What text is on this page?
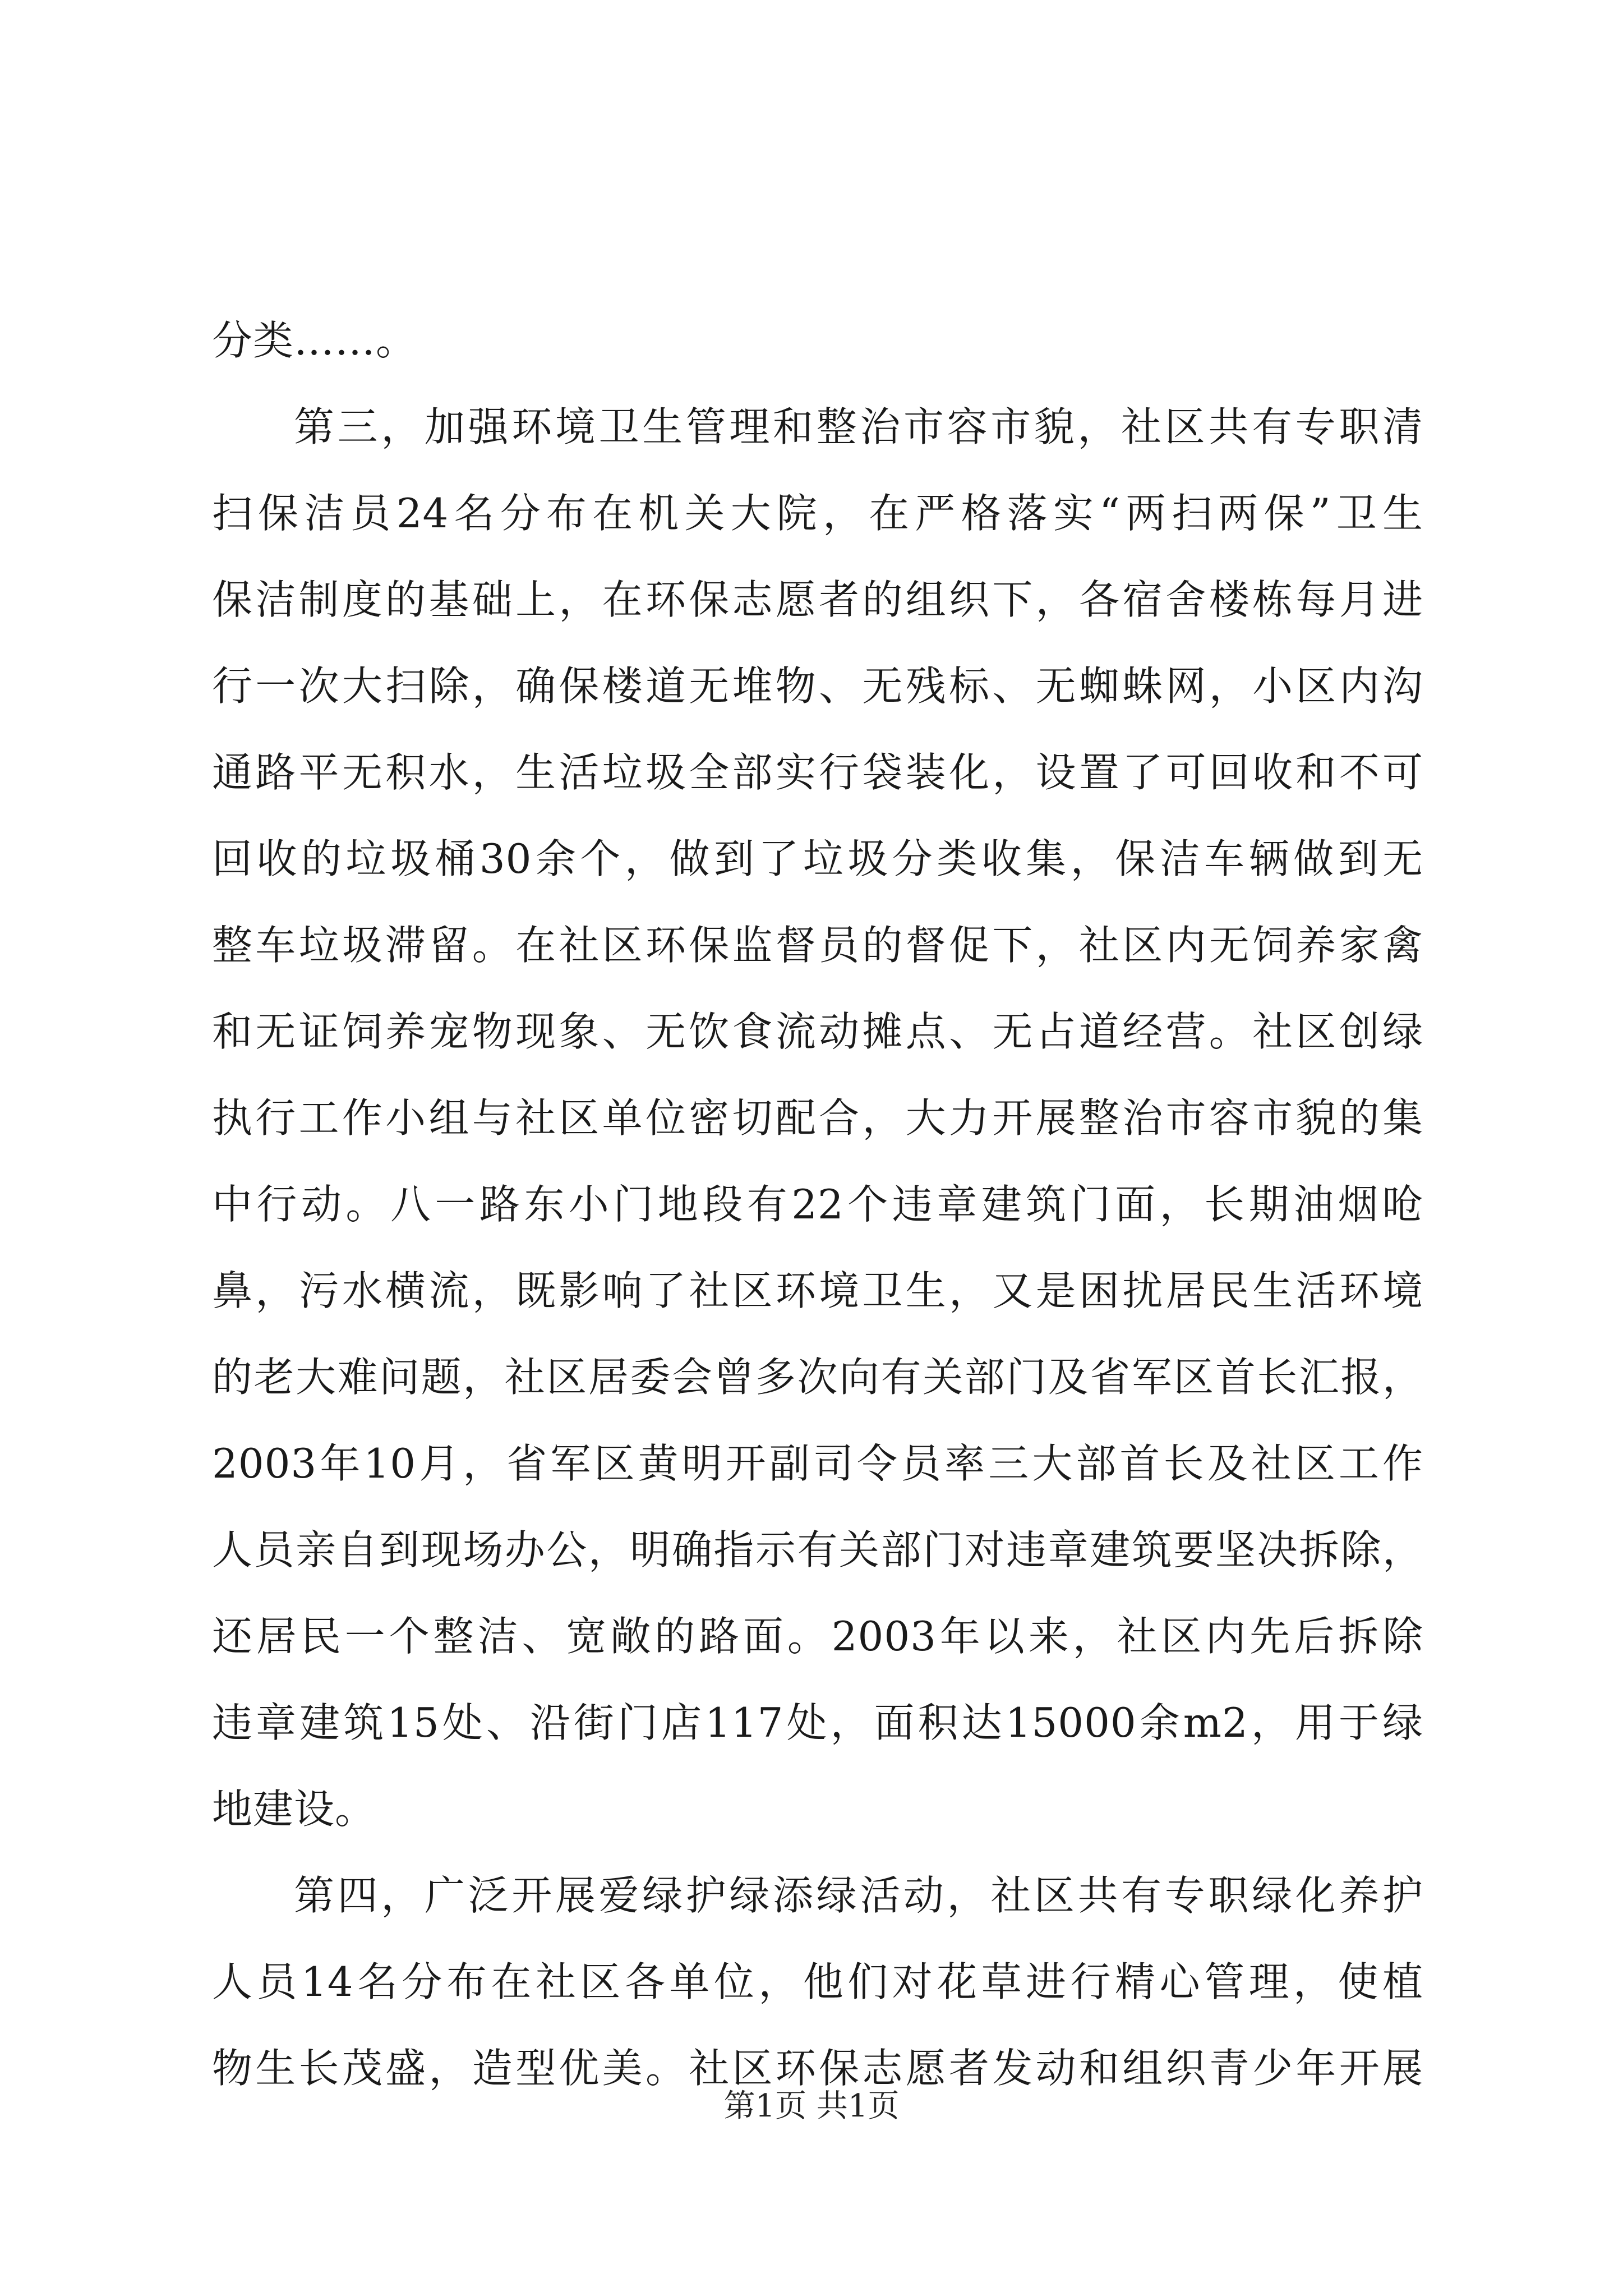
分类……。
第三，加强环境卫生管理和整治市容市貌，社区共有专职清
扫保洁员24名分布在机关大院，在严格落实“两扫两保”卫生
保洁制度的基础上，在环保志愿者的组织下，各宿舍楼栋每月进
行一次大扫除，确保楼道无堆物、无残标、无蜘蛛网，小区内沟
通路平无积水，生活垃圾全部实行袋装化，设置了可回收和不可
回收的垃圾桶30余个，做到了垃圾分类收集，保洁车辆做到无
整车垃圾滞留。在社区环保监督员的督促下，社区内无饲养家禽
和无证饲养宠物现象、无饮食流动摊点、无占道经营。社区创绿
执行工作小组与社区单位密切配合，大力开展整治市容市貌的集
中行动。八一路东小门地段有22个违章建筑门面，长期油烟呛
鼻，污水横流，既影响了社区环境卫生，又是困扰居民生活环境
的老大难问题，社区居委会曾多次向有关部门及省军区首长汇报，
2003年10月，省军区黄明开副司令员率三大部首长及社区工作
人员亲自到现场办公，明确指示有关部门对违章建筑要坚决拆除，
还居民一个整洁、宽敞的路面。2003年以来，社区内先后拆除
违章建筑15处、沿街门店117处，面积达15000余m2，用于绿
地建设。
第四，广泛开展爱绿护绿添绿活动，社区共有专职绿化养护
人员14名分布在社区各单位，他们对花草进行精心管理，使植
物生长茂盛，造型优美。社区环保志愿者发动和组织青少年开展
第1页 共1页
